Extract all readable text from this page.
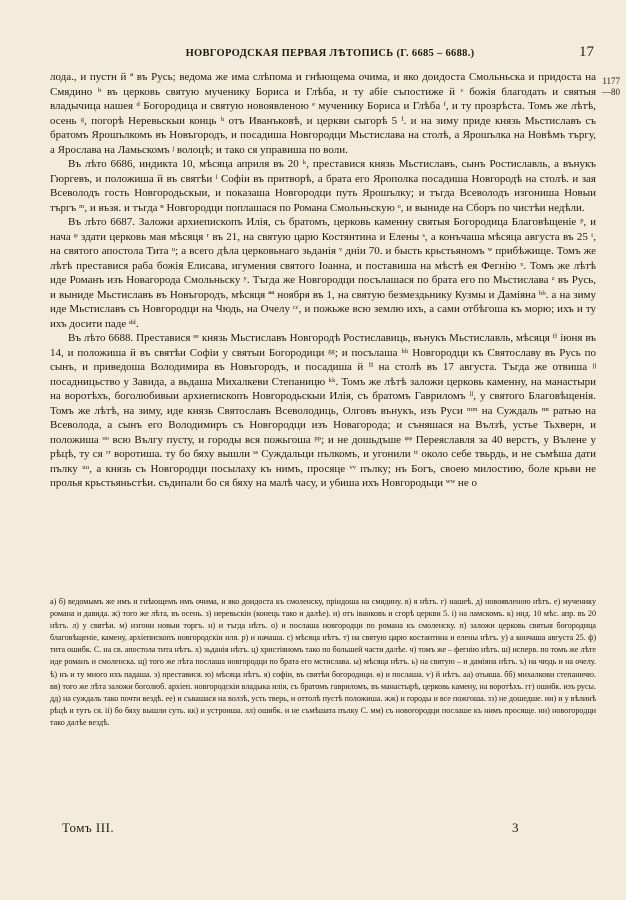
НОВГОРОДСКАЯ ПЕРВАЯ ЛѢТОПИСЬ (Г. 6685 – 6688.)	17
1177
—80

лода., и пустн й ª въ Русь; ведома же има слѣпома и гнѣющема очима, и яко доидоста Смольньска и придоста на Смядино ᵇ въ церковь святую мученику Бориса и Глѣба, и ту абіе съпостиже й ᶜ божія благодать и святыя владычица нашея ᵈ Богородица и святую новоявленою ᵉ мученику Бориса и Глѣба ᶠ, и ту прозрѣста. Томъ же лѣтѣ, осень ᵍ, погорѣ Неревьскыи конць ʰ отъ Иванъковѣ, и церкви сыгорѣ 5 ⁱ. и на зиму приде князь Мьстиславъ съ братомъ Ярошълкомъ въ Новъгородъ, и посадиша Новгородци Мьстислава на столѣ, а Ярошълка на Новѣмъ търгу, а Ярослава на Ламьскомъ ʲ волоцѣ; и тако ся управиша по воли.

Въ лѣто 6686, индикта 10, мѣсяца априля въ 20 ᵏ, преставися князь Мьстиславъ, сынъ Ростиславль, а вънукъ Гюргевъ, и положиша й въ святѣи ˡ Софіи въ притворѣ, а брата его Ярополка посадиша Новгородѣ на столѣ. и зая Всеволодъ гость Новгородьскыи, и показаша Новгородци путь Ярошълку; и тъгда Всеволодъ изгониша Новыи търгъ ᵐ, и възя. и тъгда ⁿ Новгородци поплашася по Романа Смольньскую ᵒ, и выниде на Сборъ по чистѣи недѣли.

Въ лѣто 6687. Заложи архиепископъ Илія, съ братомъ, церковь каменну святыя Богородица Благовѣщеніе ᵖ, и нача ᵠ здати церковь мая мѣсяця ʳ въ 21, на святую царю Костянтина и Елены ˢ, а конъчаша мѣсяца августа въ 25 ᵗ, на святого апостола Тита ᵘ; а всего дѣла церковьнаго зьданія ᵛ днiи 70. и бысть крьстьяномъ ʷ прибѣжище. Томъ же лѣтѣ преставися раба божія Елисава, игумения святого Іоанна, и поставиша на мѣстѣ ея Фегнію ˣ. Томъ же лѣтѣ иде Романъ изъ Новагорода Смольньску ʸ. Тъгда же Новгородци посълашася по брата его по Мьстислава ᶻ въ Русь, и выниде Мьстиславъ въ Новъгородъ, мѣсяця ªª ноября въ 1, на святую безмездьнику Кузмы и Даміяна ᵇᵇ. а на зиму иде Мьстиславъ съ Новгородци на Чюдь, на Очелу ᶜᶜ, и пожьже всю землю ихъ, а сами отбѣгоша къ морю; ихъ и ту ихъ досити паде ᵈᵈ.

Въ лѣто 6688. Преставися ᵉᵉ князь Мьстиславъ Новгородѣ Ростиславиць, вънукъ Мьстиславль, мѣсяця ᶠᶠ іюня въ 14, и положиша й въ святѣи Софіи у святыи Богородици ᵍᵍ; и посълаша ʰʰ Новгородци къ Святославу въ Русь по сынъ, и приведоша Володимира въ Новъгородъ, и посадиша й ⁱⁱ на столѣ въ 17 августа. Тъгда же отвиша ʲʲ посадницьство у Завида, а вьдаша Михалкеви Степаницю ᵏᵏ. Томъ же лѣтѣ заложи церковь каменну, на манастыри на воротѣхъ, боголюбивыи архиепископъ Новгородьскыи Илія, съ братомъ Гавриломъ ˡˡ, у святого Благовѣщенія. Томъ же лѣтѣ, на зиму, иде князь Святославъ Всеволодиць, Олговъ вънукъ, изъ Руси ᵐᵐ на Суждаль ⁿⁿ ратью на Всеволода, а сынъ его Володимиръ съ Новгородци изъ Новагорода; и съняшася на Вълзѣ, устье Тьхверн, и положиша ᵒᵒ всю Вългу пусту, и городы вся пожьгоша ᵖᵖ; и не дошьдъше ᵠᵠ Переяславля за 40 верстъ, у Вълене у рѣцѣ, ту ся ʳʳ воротиша. ту бо бяху вышли ˢˢ Суждальци пълкомъ, и угонили ᵗᵗ около себе твьрдь, и не съмѣша дати пълку ᵘᵘ, а князь съ Новгородци посылаху къ нимъ, просяце ᵛᵛ пълку; нъ Богъ, своею милостию, боле крьви не пролья крьстьяньстѣи. съдипали бо ся бяху на малѣ часу, и убиша ихъ Новгородьци ʷʷ не о

а) б) ведомымъ же имъ и гнѣющемъ имъ очима, и яко доидоста къ смоленску, пріидоша на смядину. в) я нѣтъ. г) нашеѣ. д) новоявленою нѣтъ. е) мученику романа и давида. ж) того же лѣта, въ осень. з) неревьскiи (конець тако и далѣе). и) отъ iванковъ и сгорѣ церкви 5. i) на ламскомъ. к) инд. 10 мѣс. апр. въ 20 нѣтъ. л) у святѣи. м) изгони новыи торгъ. н) и тъгда нѣтъ. о) и послаша новгородци по романа къ смоленску. п) заложи церковь святыя богородица благовѣщенiе, камену, архiепископъ новгородскiи иля. р) и начаша. с) мѣсяца нѣтъ. т) на святую царю костантина и елены нѣтъ. у) а кончаша августа 25. ф) тита ошибк. С. на св. апостола тита нѣтъ. х) зьданiя нѣтъ. ц) христiяномъ тако по большей части далѣе. ч) томъ же – фегнiю нѣтъ. ш) исперв. по томъ же лѣте иде романъ и смоленска. щ) того же лѣта послаша новгородци по брата его мстислава. ы) мѣсяца нѣтъ. ь) на святую – и даміяна нѣтъ. ъ) на чюдь и на очелу. ѣ) нъ и ту много ихъ падаша. э) преставися. ю) мѣсяца нѣтъ. я) софiи, въ святѣи богородици. ѳ) и послаша. ѵ) й нѣтъ. аа) отьяша. бб) михалкови степаничю. вв) того же лѣта заложи боголюб. архіеп. новгородскiи владыка илія, съ братомъ гавриломъ, въ манастырѣ, церковь камену, на воротѣхъ. гг) ошибк. изъ русы. дд) на суждаль тако почти вездѣ. ее) и съвашася на волзѣ, усть тверь, и оттолѣ пустѣ положиша. жж) и городы и все пожгоша. зз) не дошедше. ии) и у вѣлинѣ рѣцѣ и тутъ ся. іі) бо бяху вышли суть. кк) и устроиша. лл) ошибк. и не съмѣшата пълку С. мм) съ новогородци послаше къ нимъ просяще. нн) новогородци тако далѣе вездѣ.
Томъ III.	3
